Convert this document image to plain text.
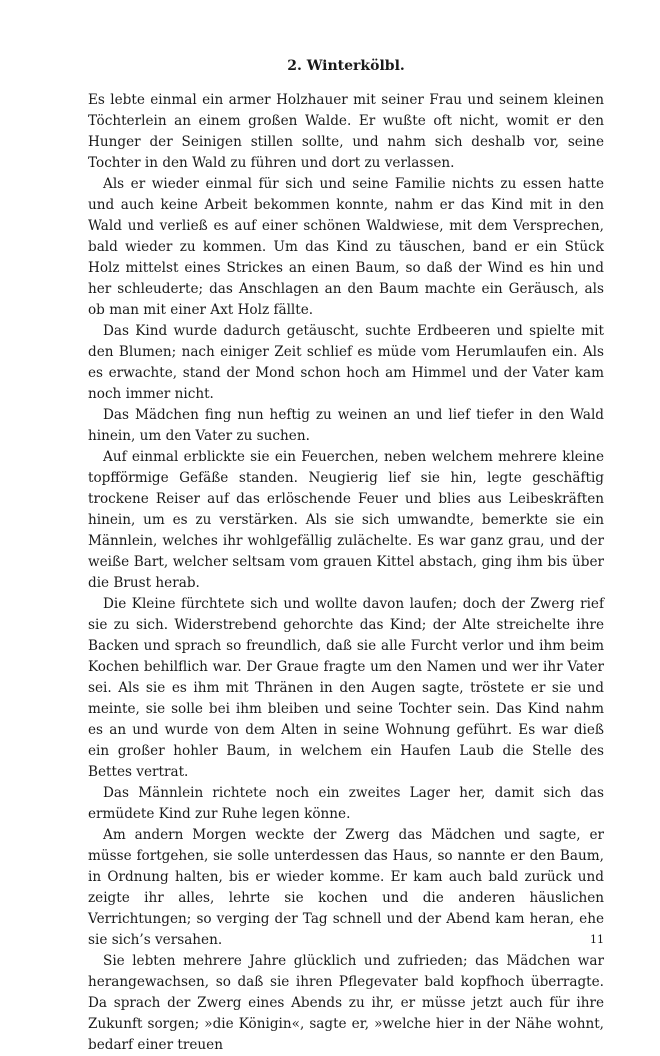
2. Winterkölbl.

Es lebte einmal ein armer Holzhauer mit seiner Frau und seinem kleinen Töchterlein an einem großen Walde. Er wußte oft nicht, womit er den Hunger der Seinigen stillen sollte, und nahm sich deshalb vor, seine Tochter in den Wald zu führen und dort zu verlassen.

Als er wieder einmal für sich und seine Familie nichts zu essen hatte und auch keine Arbeit bekommen konnte, nahm er das Kind mit in den Wald und verließ es auf einer schönen Waldwiese, mit dem Versprechen, bald wieder zu kommen. Um das Kind zu täuschen, band er ein Stück Holz mittelst eines Strickes an einen Baum, so daß der Wind es hin und her schleuderte; das Anschlagen an den Baum machte ein Geräusch, als ob man mit einer Axt Holz fällte.

Das Kind wurde dadurch getäuscht, suchte Erdbeeren und spielte mit den Blumen; nach einiger Zeit schlief es müde vom Herumlaufen ein. Als es erwachte, stand der Mond schon hoch am Himmel und der Vater kam noch immer nicht.

Das Mädchen fing nun heftig zu weinen an und lief tiefer in den Wald hinein, um den Vater zu suchen.

Auf einmal erblickte sie ein Feuerchen, neben welchem mehrere kleine topfförmige Gefäße standen. Neugierig lief sie hin, legte geschäftig trockene Reiser auf das erlöschende Feuer und blies aus Leibeskräften hinein, um es zu verstärken. Als sie sich umwandte, bemerkte sie ein Männlein, welches ihr wohlgefällig zulächelte. Es war ganz grau, und der weiße Bart, welcher seltsam vom grauen Kittel abstach, ging ihm bis über die Brust herab.

Die Kleine fürchtete sich und wollte davon laufen; doch der Zwerg rief sie zu sich. Widerstrebend gehorchte das Kind; der Alte streichelte ihre Backen und sprach so freundlich, daß sie alle Furcht verlor und ihm beim Kochen behilflich war. Der Graue fragte um den Namen und wer ihr Vater sei. Als sie es ihm mit Thränen in den Augen sagte, tröstete er sie und meinte, sie solle bei ihm bleiben und seine Tochter sein. Das Kind nahm es an und wurde von dem Alten in seine Wohnung geführt. Es war dieß ein großer hohler Baum, in welchem ein Haufen Laub die Stelle des Bettes vertrat.

Das Männlein richtete noch ein zweites Lager her, damit sich das ermüdete Kind zur Ruhe legen könne.

Am andern Morgen weckte der Zwerg das Mädchen und sagte, er müsse fortgehen, sie solle unterdessen das Haus, so nannte er den Baum, in Ordnung halten, bis er wieder komme. Er kam auch bald zurück und zeigte ihr alles, lehrte sie kochen und die anderen häuslichen Verrichtungen; so verging der Tag schnell und der Abend kam heran, ehe sie sich’s versahen.

Sie lebten mehrere Jahre glücklich und zufrieden; das Mädchen war herangewachsen, so daß sie ihren Pflegevater bald kopfhoch überragte. Da sprach der Zwerg eines Abends zu ihr, er müsse jetzt auch für ihre Zukunft sorgen; »die Königin«, sagte er, »welche hier in der Nähe wohnt, bedarf einer treuen

11
